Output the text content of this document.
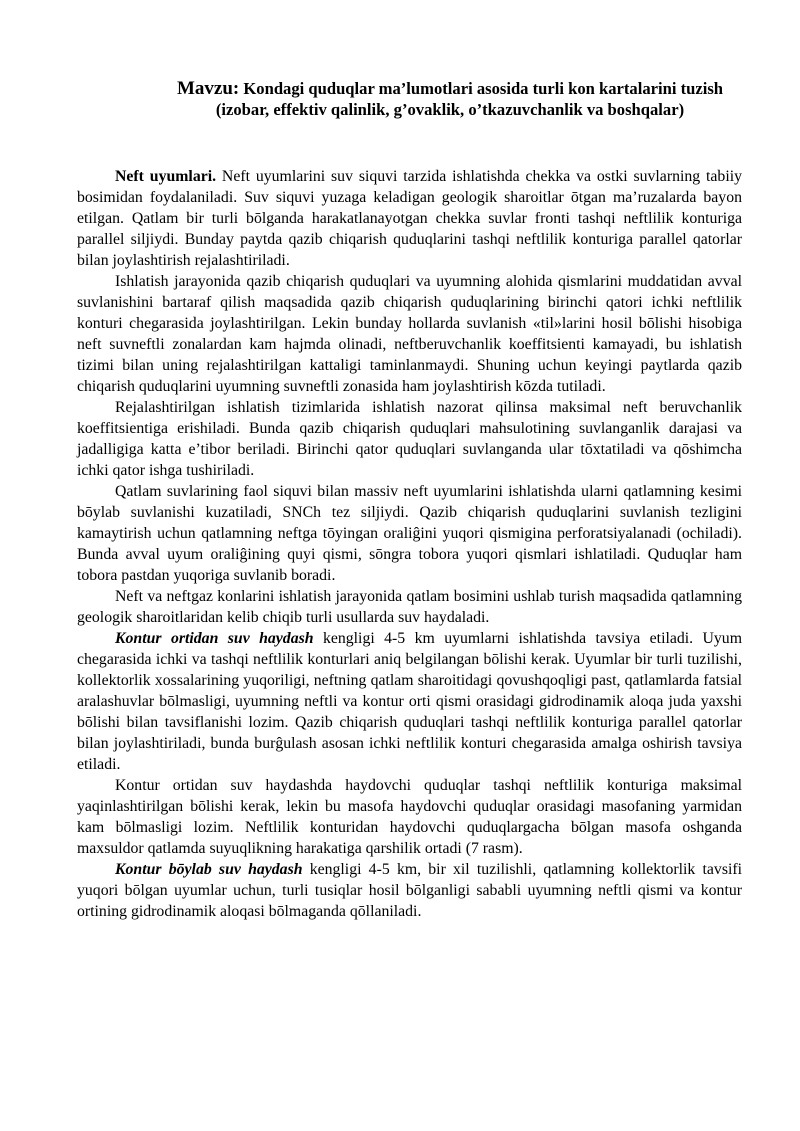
Mavzu: Kondagi quduqlar ma’lumotlari asosida turli kon kartalarini tuzish (izobar, effektiv qalinlik, g’ovaklik, o’tkazuvchanlik va boshqalar)

Neft uyumlari. Neft uyumlarini suv siquvi tarzida ishlatishda chekka va ostki suvlarning tabiiy bosimidan foydalaniladi. Suv siquvi yuzaga keladigan geologik sharoitlar ōtgan ma’ruzalarda bayon etilgan. Qatlam bir turli bōlganda harakatlanayotgan chekka suvlar fronti tashqi neftlilik konturiga parallel siljiydi. Bunday paytda qazib chiqarish quduqlarini tashqi neftlilik konturiga parallel qatorlar bilan joylashtirish rejalashtiriladi.

Ishlatish jarayonida qazib chiqarish quduqlari va uyumning alohida qismlarini muddatidan avval suvlanishini bartaraf qilish maqsadida qazib chiqarish quduqlarining birinchi qatori ichki neftlilik konturi chegarasida joylashtirilgan. Lekin bunday hollarda suvlanish «til»larini hosil bōlishi hisobiga neft suvneftli zonalardan kam hajmda olinadi, neftberuvchanlik koeffitsienti kamayadi, bu ishlatish tizimi bilan uning rejalashtirilgan kattaligi taminlanmaydi. Shuning uchun keyingi paytlarda qazib chiqarish quduqlarini uyumning suvneftli zonasida ham joylashtirish kōzda tutiladi.

Rejalashtirilgan ishlatish tizimlarida ishlatish nazorat qilinsa maksimal neft beruvchanlik koeffitsientiga erishiladi. Bunda qazib chiqarish quduqlari mahsulotining suvlanganlik darajasi va jadalligiga katta e’tibor beriladi. Birinchi qator quduqlari suvlanganda ular tōxtatiladi va qōshimcha ichki qator ishga tushiriladi.

Qatlam suvlarining faol siquvi bilan massiv neft uyumlarini ishlatishda ularni qatlamning kesimi bōylab suvlanishi kuzatiladi, SNCh tez siljiydi. Qazib chiqarish quduqlarini suvlanish tezligini kamaytirish uchun qatlamning neftga tōyingan oraliĝini yuqori qismigina perforatsiyalanadi (ochiladi). Bunda avval uyum oraliĝining quyi qismi, sōngra tobora yuqori qismlari ishlatiladi. Quduqlar ham tobora pastdan yuqoriga suvlanib boradi.

Neft va neftgaz konlarini ishlatish jarayonida qatlam bosimini ushlab turish maqsadida qatlamning geologik sharoitlaridan kelib chiqib turli usullarda suv haydaladi.

Kontur ortidan suv haydash kengligi 4-5 km uyumlarni ishlatishda tavsiya etiladi. Uyum chegarasida ichki va tashqi neftlilik konturlari aniq belgilangan bōlishi kerak. Uyumlar bir turli tuzilishi, kollektorlik xossalarining yuqoriligi, neftning qatlam sharoitidagi qovushqoqligi past, qatlamlarda fatsial aralashuvlar bōlmasligi, uyumning neftli va kontur orti qismi orasidagi gidrodinamik aloqa juda yaxshi bōlishi bilan tavsiflanishi lozim. Qazib chiqarish quduqlari tashqi neftlilik konturiga parallel qatorlar bilan joylashtiriladi, bunda burĝulash asosan ichki neftlilik konturi chegarasida amalga oshirish tavsiya etiladi.

Kontur ortidan suv haydashda haydovchi quduqlar tashqi neftlilik konturiga maksimal yaqinlashtirilgan bōlishi kerak, lekin bu masofa haydovchi quduqlar orasidagi masofaning yarmidan kam bōlmasligi lozim. Neftlilik konturidan haydovchi quduqlargacha bōlgan masofa oshganda maxsuldor qatlamda suyuqlikning harakatiga qarshilik ortadi (7 rasm).

Kontur bōylab suv haydash kengligi 4-5 km, bir xil tuzilishli, qatlamning kollektorlik tavsifi yuqori bōlgan uyumlar uchun, turli tusiqlar hosil bōlganligi sababli uyumning neftli qismi va kontur ortining gidrodinamik aloqasi bōlmaganda qōllaniladi.
